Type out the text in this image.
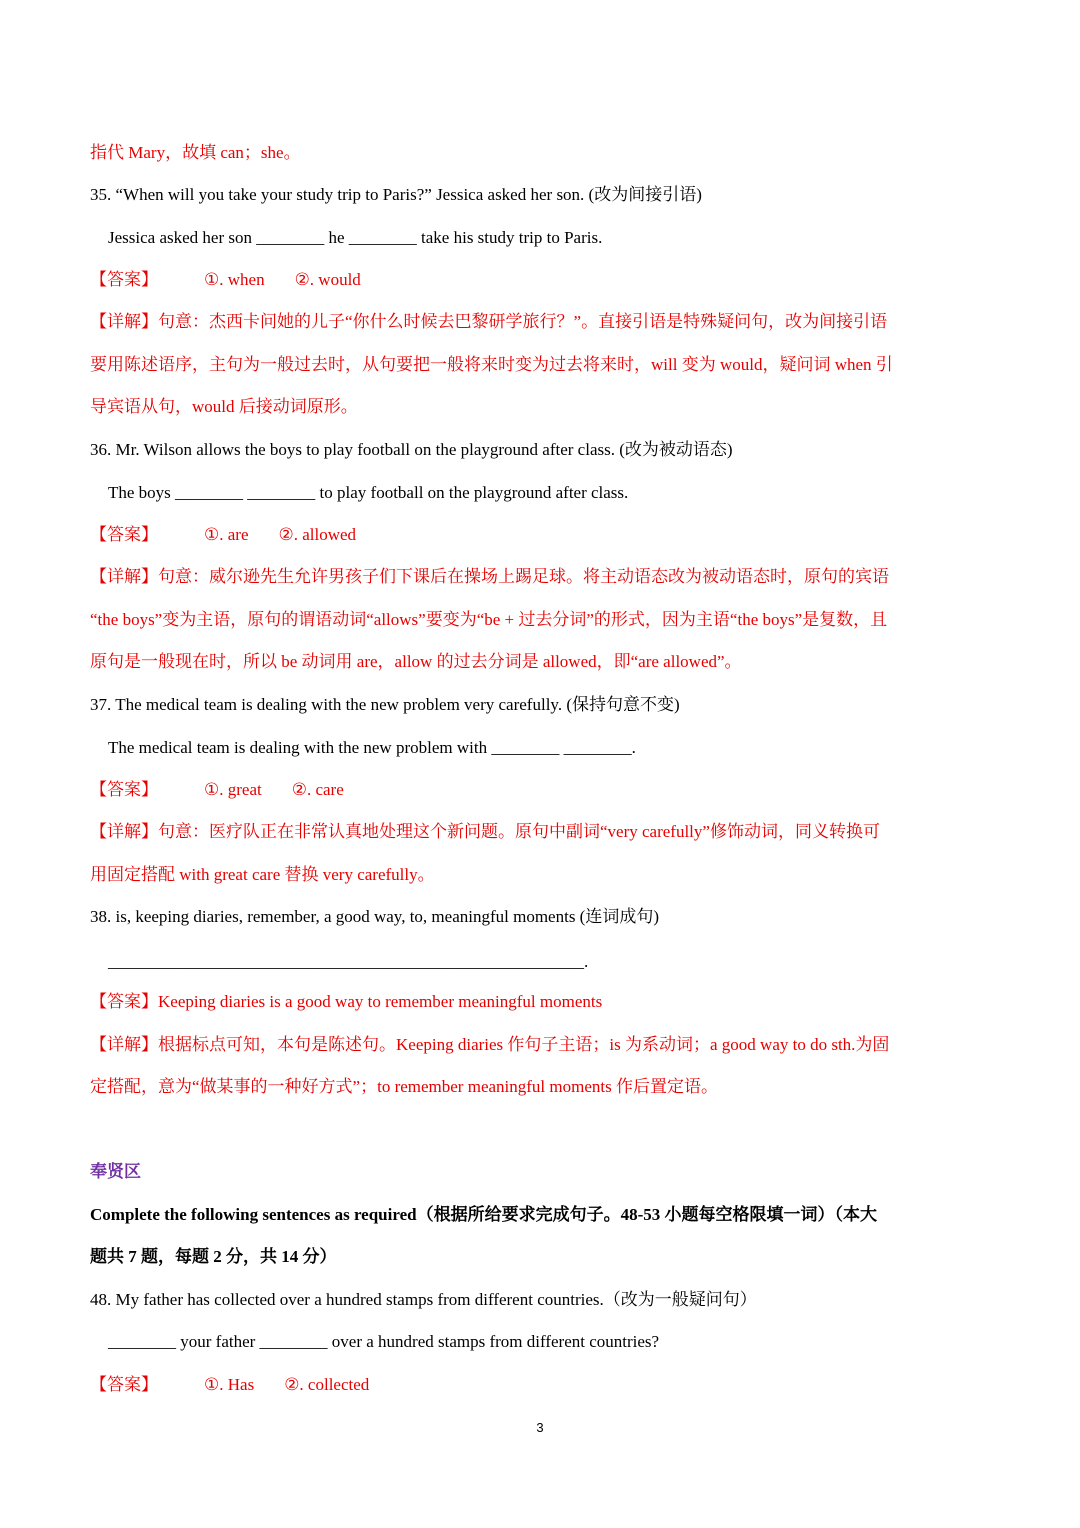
指代 Mary，故填 can；she。
35. “When will you take your study trip to Paris?” Jessica asked her son. (改为间接引语)
Jessica asked her son ________ he ________ take his study trip to Paris.
【答案】	①. when ②. would
【详解】句意：杰西卡问她的儿子“你什么时候去巴黎研学旅行？”。直接引语是特殊疑问句，改为间接引语
要用陈述语序，主句为一般过去时，从句要把一般将来时变为过去将来时，will 变为 would，疑问词 when 引
导宾语从句，would 后接动词原形。
36. Mr. Wilson allows the boys to play football on the playground after class. (改为被动语态)
The boys ________ ________ to play football on the playground after class.
【答案】	①. are ②. allowed
【详解】句意：威尔逊先生允许男孩子们下课后在操场上踢足球。将主动语态改为被动语态时，原句的宾语
“the boys”变为主语，原句的谓语动词“allows”要变为“be + 过去分词”的形式，因为主语“the boys”是复数，且
原句是一般现在时，所以 be 动词用 are，allow 的过去分词是 allowed，即“are allowed”。
37. The medical team is dealing with the new problem very carefully. (保持句意不变)
The medical team is dealing with the new problem with ________ ________.
【答案】	①. great ②. care
【详解】句意：医疗队正在非常认真地处理这个新问题。原句中副词“very carefully”修饰动词，同义转换可
用固定搭配 with great care 替换 very carefully。
38. is, keeping diaries, remember, a good way, to, meaningful moments (连词成句)
________________________________________________________.
【答案】Keeping diaries is a good way to remember meaningful moments
【详解】根据标点可知，本句是陈述句。Keeping diaries 作句子主语；is 为系动词；a good way to do sth.为固
定搭配，意为“做某事的一种好方式”；to remember meaningful moments 作后置定语。
奉贤区
Complete the following sentences as required（根据所给要求完成句子。48-53 小题每空格限填一词）（本大
题共 7 题，每题 2 分，共 14 分）
48. My father has collected over a hundred stamps from different countries.（改为一般疑问句）
________ your father ________ over a hundred stamps from different countries?
【答案】	①. Has ②. collected
3
